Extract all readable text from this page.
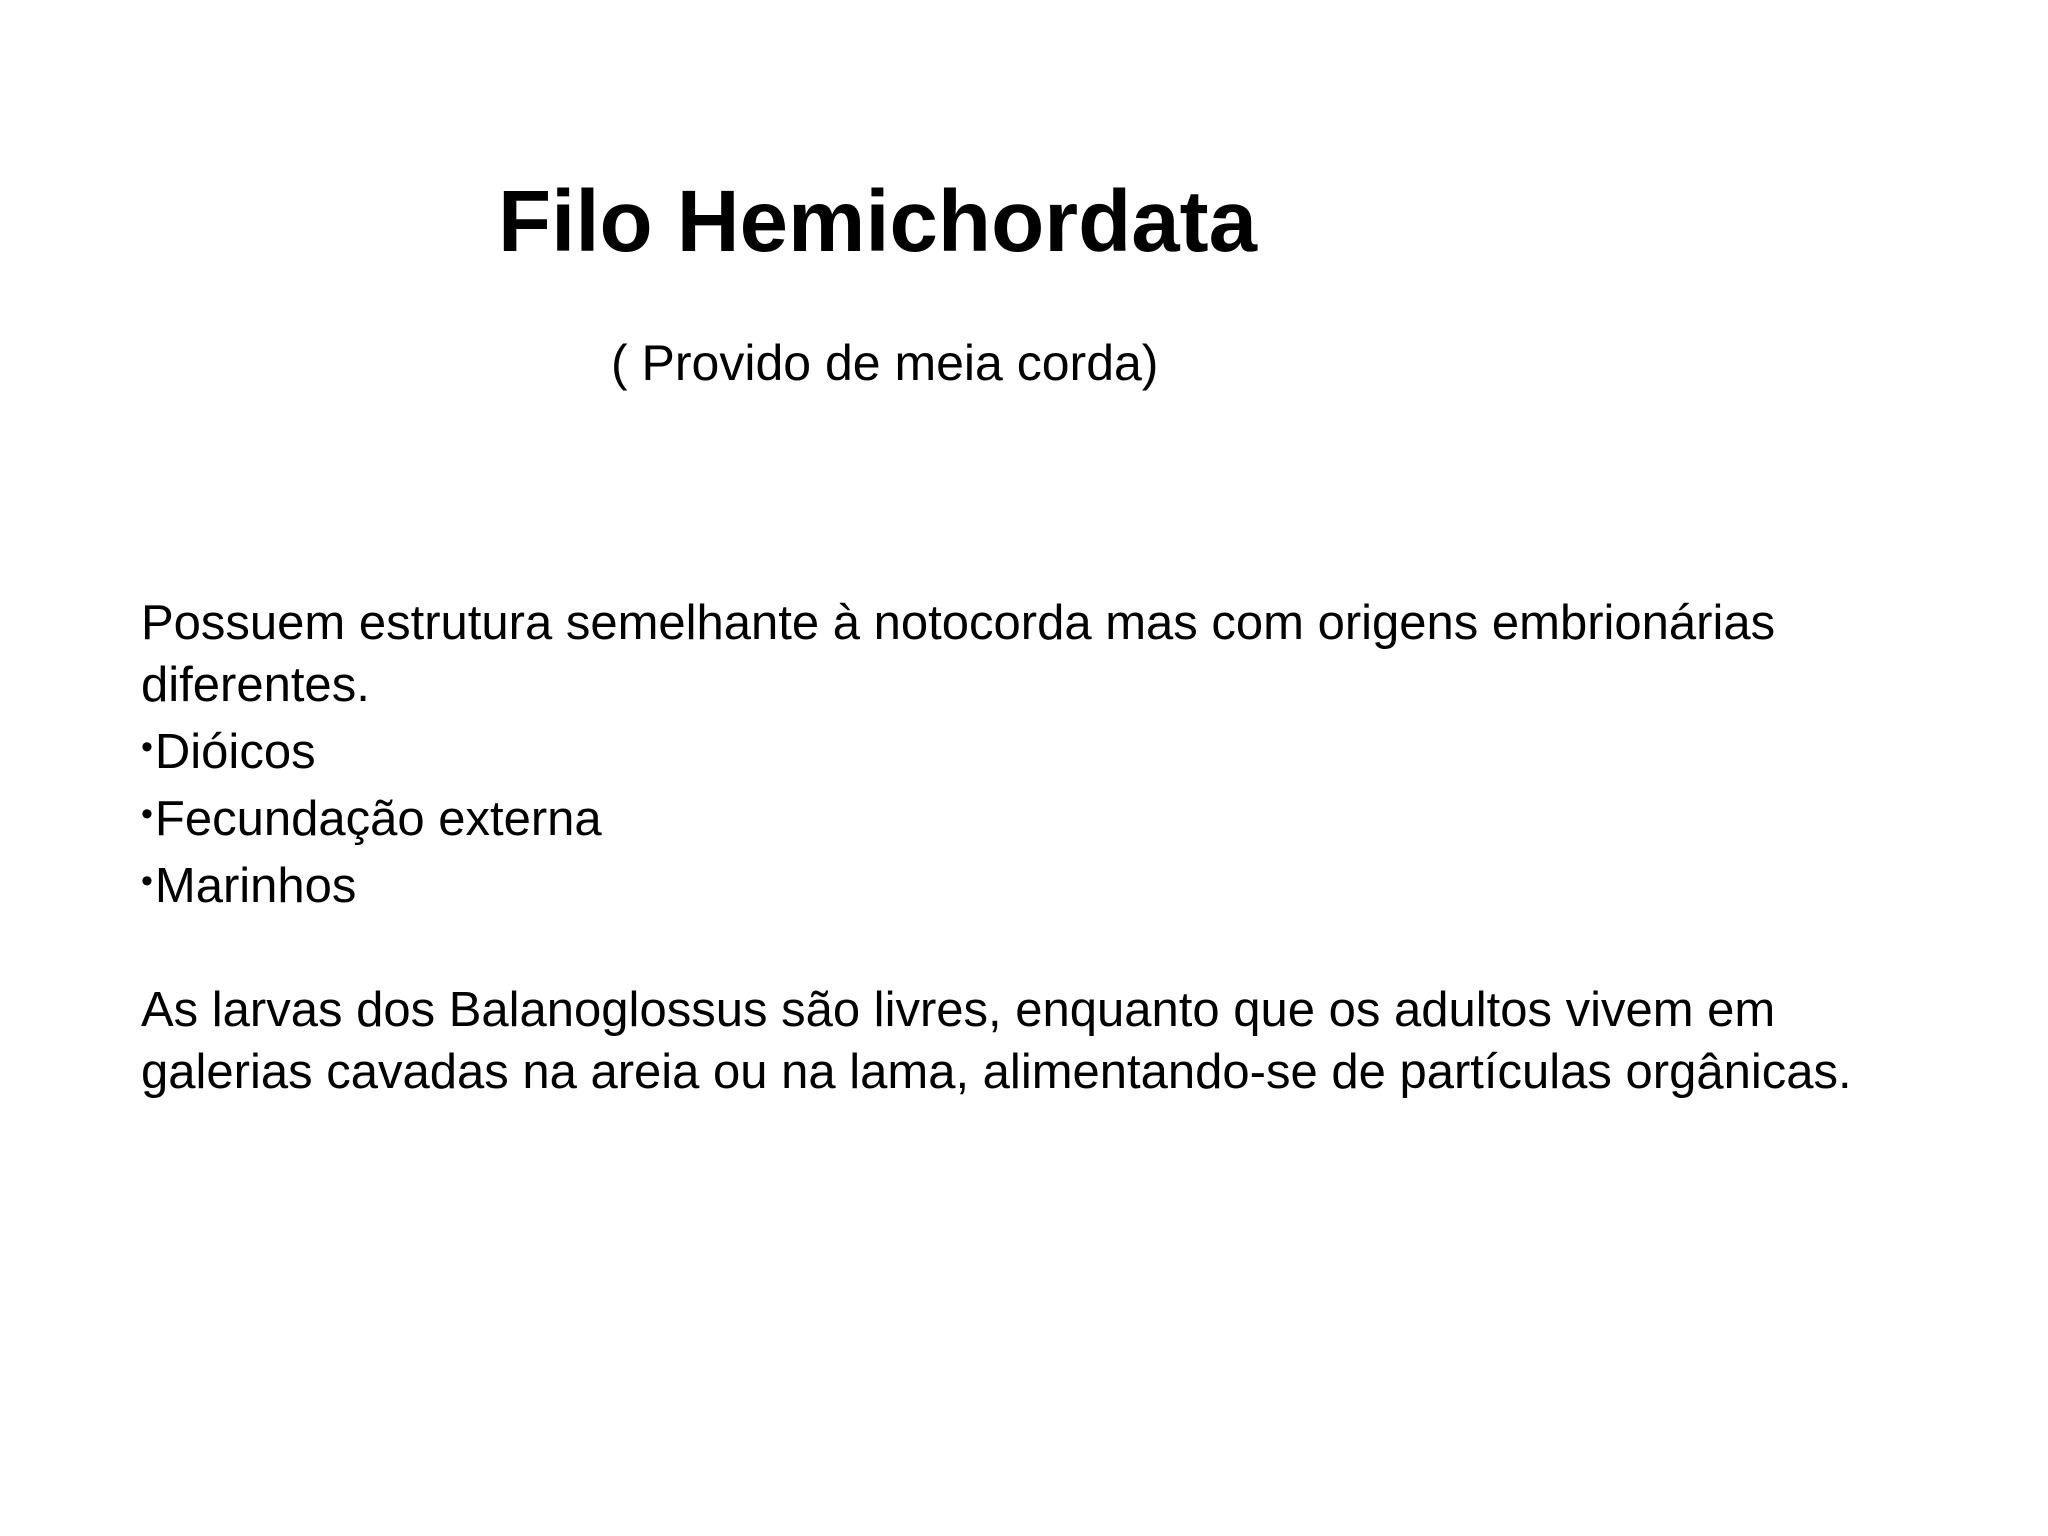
Filo Hemichordata

( Provido de meia corda)

Possuem estrutura semelhante à notocorda mas com origens embrionárias diferentes.

•Dióicos
•Fecundação externa
•Marinhos

As larvas dos Balanoglossus são livres, enquanto que os adultos vivem em
galerias cavadas na areia ou na lama, alimentando-se de partículas orgânicas.
